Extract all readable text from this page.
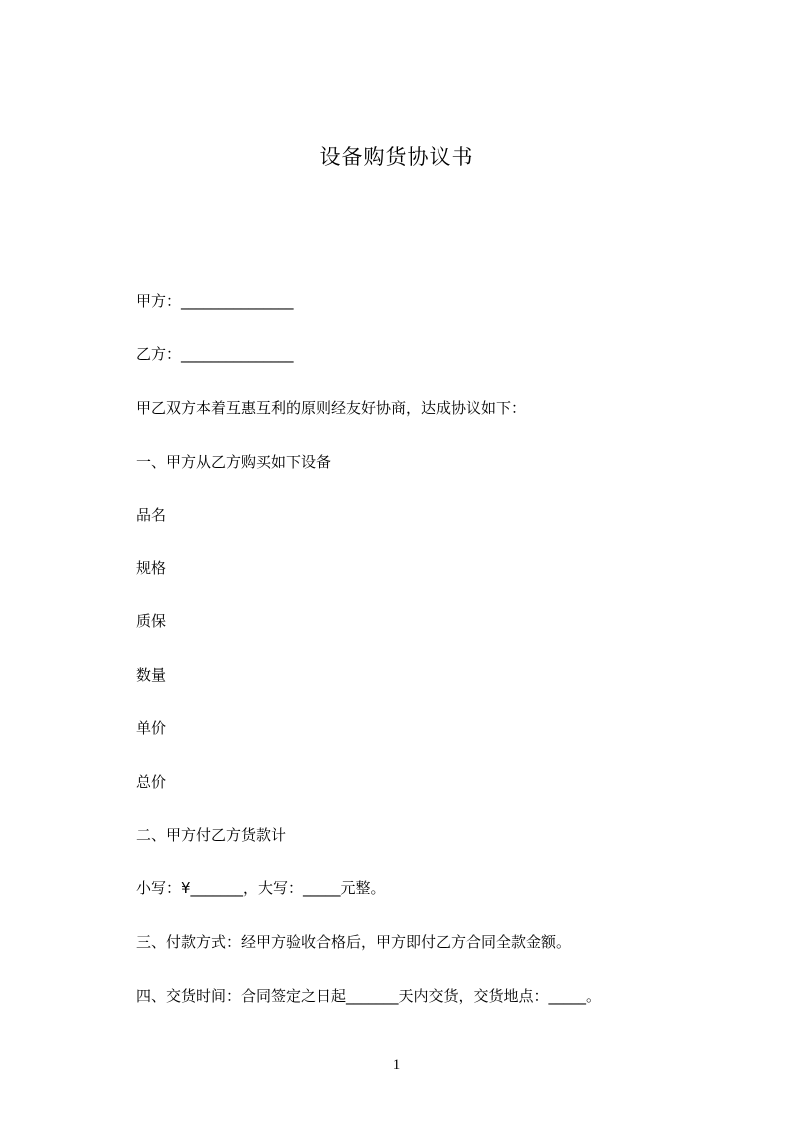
设备购货协议书
甲方：_______________
乙方：_______________
甲乙双方本着互惠互利的原则经友好协商，达成协议如下：
一、甲方从乙方购买如下设备
品名
规格
质保
数量
单价
总价
二、甲方付乙方货款计
小写：¥_______，大写：_____元整。
三、付款方式：经甲方验收合格后，甲方即付乙方合同全款金额。
四、交货时间：合同签定之日起_______天内交货，交货地点：_____。
1
